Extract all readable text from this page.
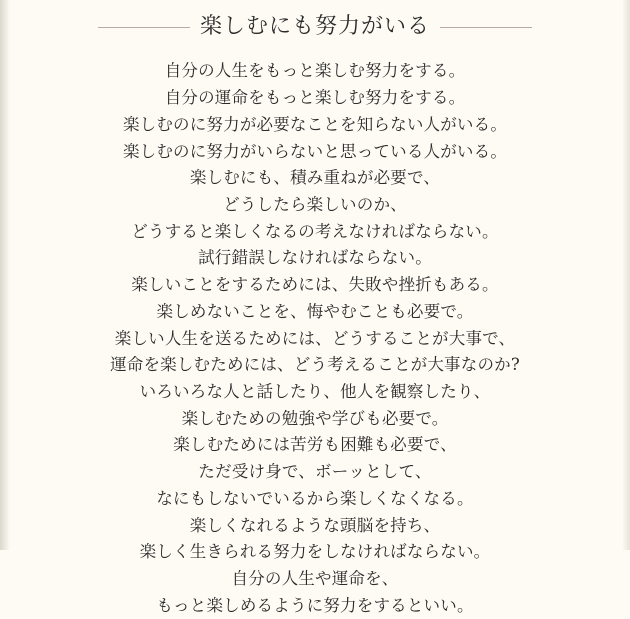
楽しむにも努力がいる
自分の人生をもっと楽しむ努力をする。
自分の運命をもっと楽しむ努力をする。
楽しむのに努力が必要なことを知らない人がいる。
楽しむのに努力がいらないと思っている人がいる。
楽しむにも、積み重ねが必要で、
どうしたら楽しいのか、
どうすると楽しくなるの考えなければならない。
試行錯誤しなければならない。
楽しいことをするためには、失敗や挫折もある。
楽しめないことを、悔やむことも必要で。
楽しい人生を送るためには、どうすることが大事で、
運命を楽しむためには、どう考えることが大事なのか?
いろいろな人と話したり、他人を観察したり、
楽しむための勉強や学びも必要で。
楽しむためには苦労も困難も必要で、
ただ受け身で、ボーッとして、
なにもしないでいるから楽しくなくなる。
楽しくなれるような頭脳を持ち、
楽しく生きられる努力をしなければならない。
自分の人生や運命を、
もっと楽しめるように努力をするといい。
